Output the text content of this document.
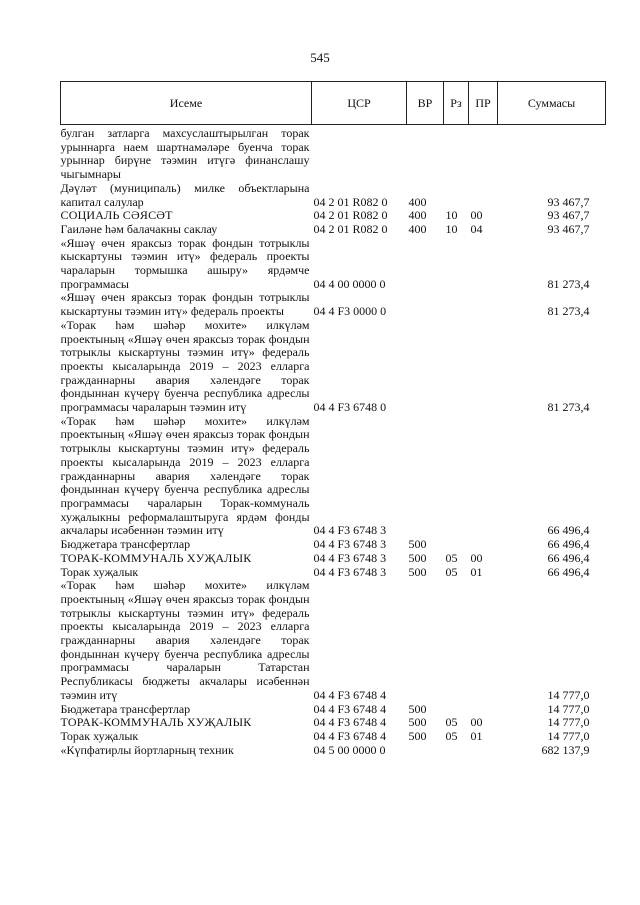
545
Исеме	ЦСР	ВР	Рз	ПР	Суммасы
булган затларга махсуслаштырылган торак урыннарга наем шартнамәләре буенча торак урыннар бирүне тәэмин итүгә финанслашу чыгымнары					
Дәүләт (муниципаль) милке объектларына капитал салулар	04 2 01 R082 0	400			93 467,7
СОЦИАЛЬ СӘЯСӘТ	04 2 01 R082 0	400	10	00	93 467,7
Гаиләне һәм балачакны саклау	04 2 01 R082 0	400	10	04	93 467,7
«Яшәү өчен яраксыз торак фондын тотрыклы кыскартуны тәэмин итү» федераль проекты чараларын тормышка ашыру» ярдәмче программасы	04 4 00 0000 0				81 273,4
«Яшәү өчен яраксыз торак фондын тотрыклы кыскартуны тәэмин итү» федераль проекты	04 4 F3 0000 0				81 273,4
«Торак һәм шәһәр мохите» илкүләм проектының «Яшәү өчен яраксыз торак фондын тотрыклы кыскартуны тәэмин итү» федераль проекты кысаларында 2019 – 2023 елларга гражданнарны авария хәлендәге торак фондыннан күчерү буенча республика адреслы программасы чараларын тәэмин итү	04 4 F3 6748 0				81 273,4
«Торак һәм шәһәр мохите» илкүләм проектының «Яшәү өчен яраксыз торак фондын тотрыклы кыскартуны тәэмин итү» федераль проекты кысаларында 2019 – 2023 елларга гражданнарны авария хәлендәге торак фондыннан күчерү буенча республика адреслы программасы чараларын Торак-коммуналь хуҗалыкны реформалаштыруга ярдәм фонды акчалары исәбеннән тәэмин итү	04 4 F3 6748 3				66 496,4
Бюджетара трансфертлар	04 4 F3 6748 3	500			66 496,4
ТОРАК-КОММУНАЛЬ ХУҖАЛЫК	04 4 F3 6748 3	500	05	00	66 496,4
Торак хуҗалык	04 4 F3 6748 3	500	05	01	66 496,4
«Торак һәм шәһәр мохите» илкүләм проектының «Яшәү өчен яраксыз торак фондын тотрыклы кыскартуны тәэмин итү» федераль проекты кысаларында 2019 – 2023 елларга гражданнарны авария хәлендәге торак фондыннан күчерү буенча республика адреслы программасы чараларын Татарстан Республикасы бюджеты акчалары исәбеннән тәэмин итү	04 4 F3 6748 4				14 777,0
Бюджетара трансфертлар	04 4 F3 6748 4	500			14 777,0
ТОРАК-КОММУНАЛЬ ХУҖАЛЫК	04 4 F3 6748 4	500	05	00	14 777,0
Торак хуҗалык	04 4 F3 6748 4	500	05	01	14 777,0
«Күпфатирлы йортларның техник	04 5 00 0000 0				682 137,9
